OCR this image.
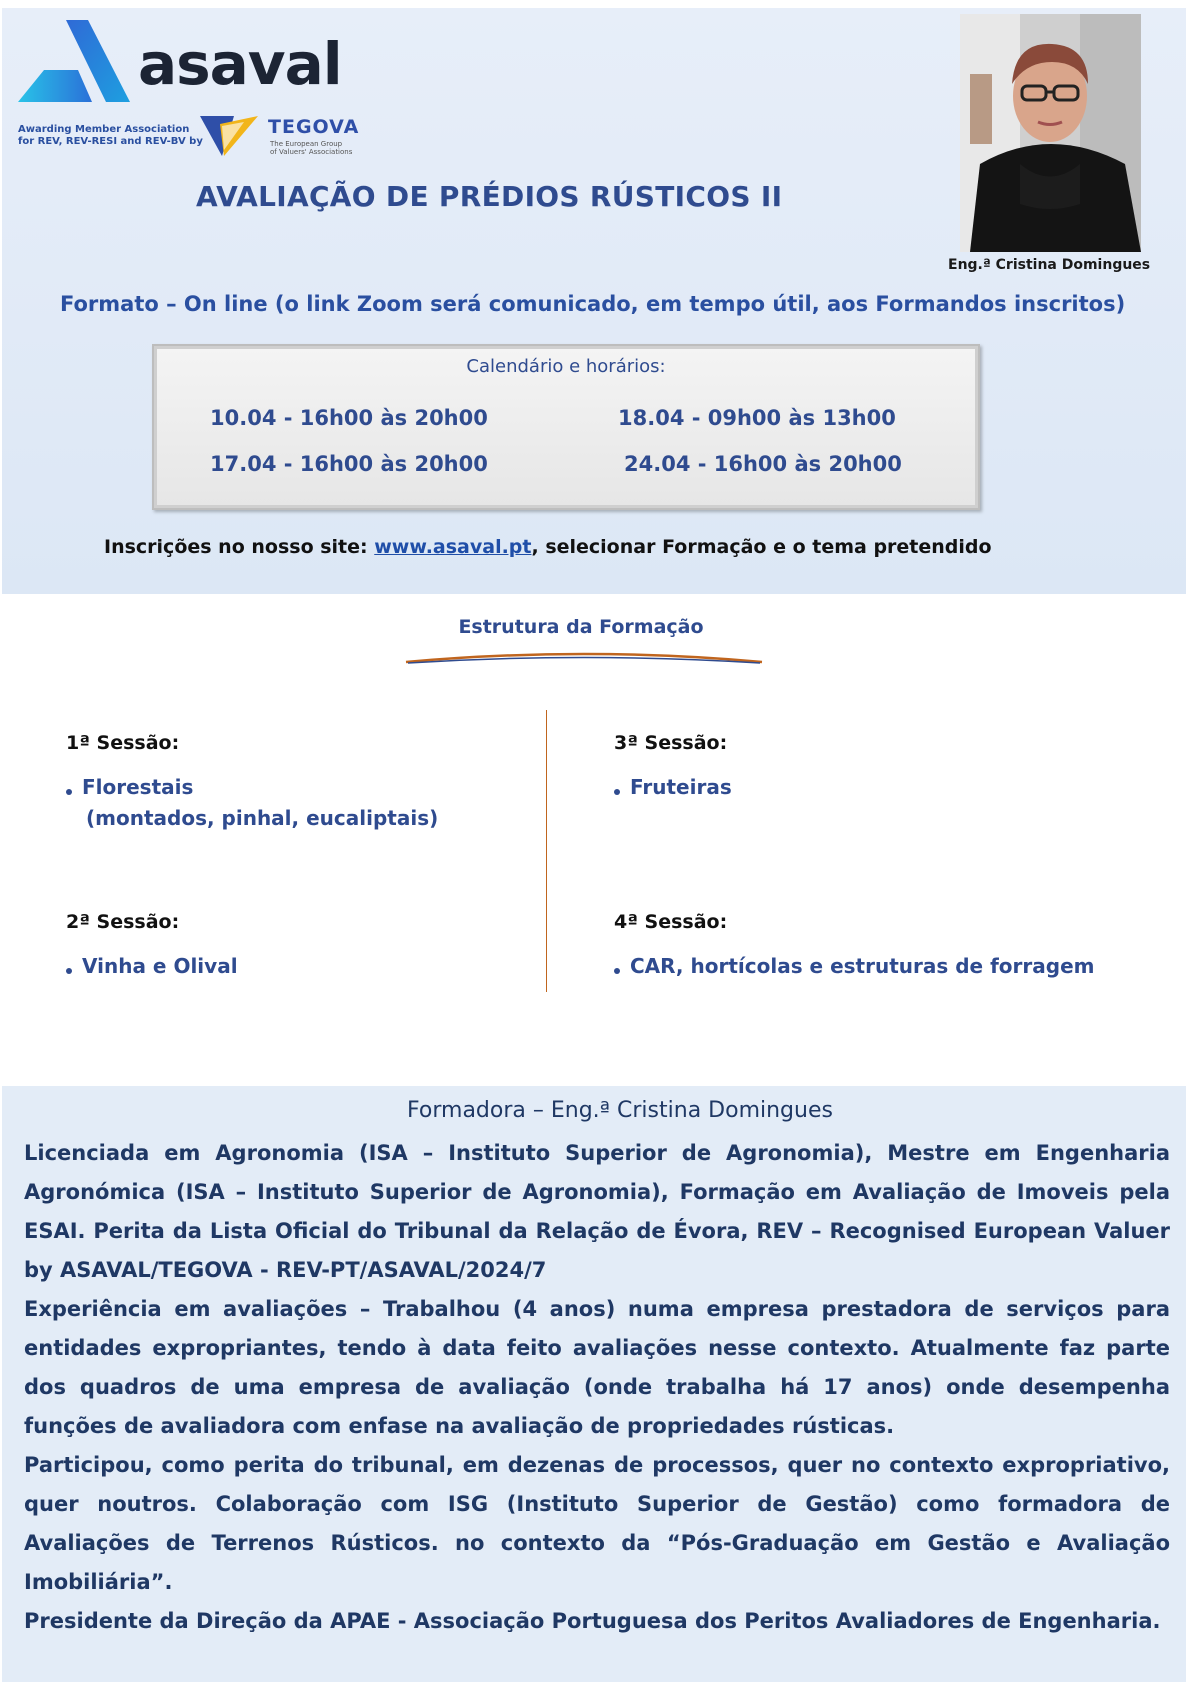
asaval
Awarding Member Association
for REV, REV-RESI and REV-BV by
TEGOVA
The European Group
of Valuers' Associations
AVALIAÇÃO DE PRÉDIOS RÚSTICOS II
Eng.ª Cristina Domingues
Formato – On line (o link Zoom será comunicado, em tempo útil, aos Formandos inscritos)
Calendário e horários:
10.04 - 16h00 às 20h00	18.04 - 09h00 às 13h00
17.04 - 16h00 às 20h00	24.04 - 16h00 às 20h00
Inscrições no nosso site: www.asaval.pt, selecionar Formação e o tema pretendido
Estrutura da Formação
1ª Sessão:
Florestais
(montados, pinhal, eucaliptais)
2ª Sessão:
Vinha e Olival
3ª Sessão:
Fruteiras
4ª Sessão:
CAR, hortícolas e estruturas de forragem
Formadora – Eng.ª Cristina Domingues

Licenciada em Agronomia (ISA – Instituto Superior de Agronomia), Mestre em Engenharia Agronómica (ISA – Instituto Superior de Agronomia), Formação em Avaliação de Imoveis pela ESAI. Perita da Lista Oficial do Tribunal da Relação de Évora, REV – Recognised European Valuer by ASAVAL/TEGOVA - REV-PT/ASAVAL/2024/7

Experiência em avaliações – Trabalhou (4 anos) numa empresa prestadora de serviços para entidades expropriantes, tendo à data feito avaliações nesse contexto. Atualmente faz parte dos quadros de uma empresa de avaliação (onde trabalha há 17 anos) onde desempenha funções de avaliadora com enfase na avaliação de propriedades rústicas.

Participou, como perita do tribunal, em dezenas de processos, quer no contexto expropriativo, quer noutros. Colaboração com ISG (Instituto Superior de Gestão) como formadora de Avaliações de Terrenos Rústicos. no contexto da “Pós-Graduação em Gestão e Avaliação Imobiliária”.

Presidente da Direção da APAE - Associação Portuguesa dos Peritos Avaliadores de Engenharia.
